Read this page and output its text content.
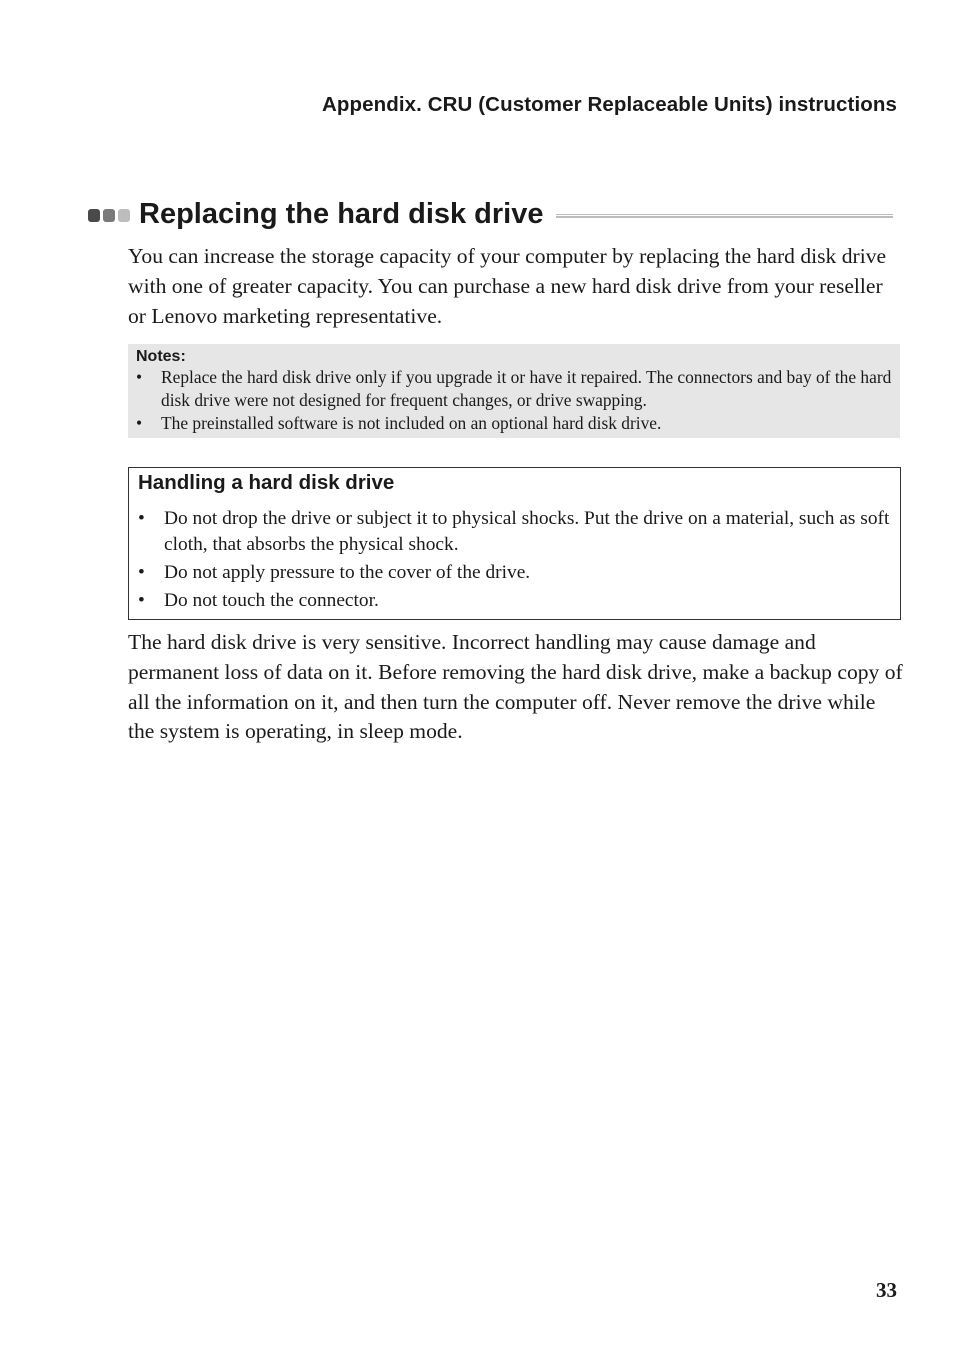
Appendix. CRU (Customer Replaceable Units) instructions
Replacing the hard disk drive

You can increase the storage capacity of your computer by replacing the hard disk drive with one of greater capacity. You can purchase a new hard disk drive from your reseller or Lenovo marketing representative.

Notes:
• Replace the hard disk drive only if you upgrade it or have it repaired. The connectors and bay of the hard disk drive were not designed for frequent changes, or drive swapping.
• The preinstalled software is not included on an optional hard disk drive.
Handling a hard disk drive
• Do not drop the drive or subject it to physical shocks. Put the drive on a material, such as soft cloth, that absorbs the physical shock.
• Do not apply pressure to the cover of the drive.
• Do not touch the connector.

The hard disk drive is very sensitive. Incorrect handling may cause damage and permanent loss of data on it. Before removing the hard disk drive, make a backup copy of all the information on it, and then turn the computer off. Never remove the drive while the system is operating, in sleep mode.

33
